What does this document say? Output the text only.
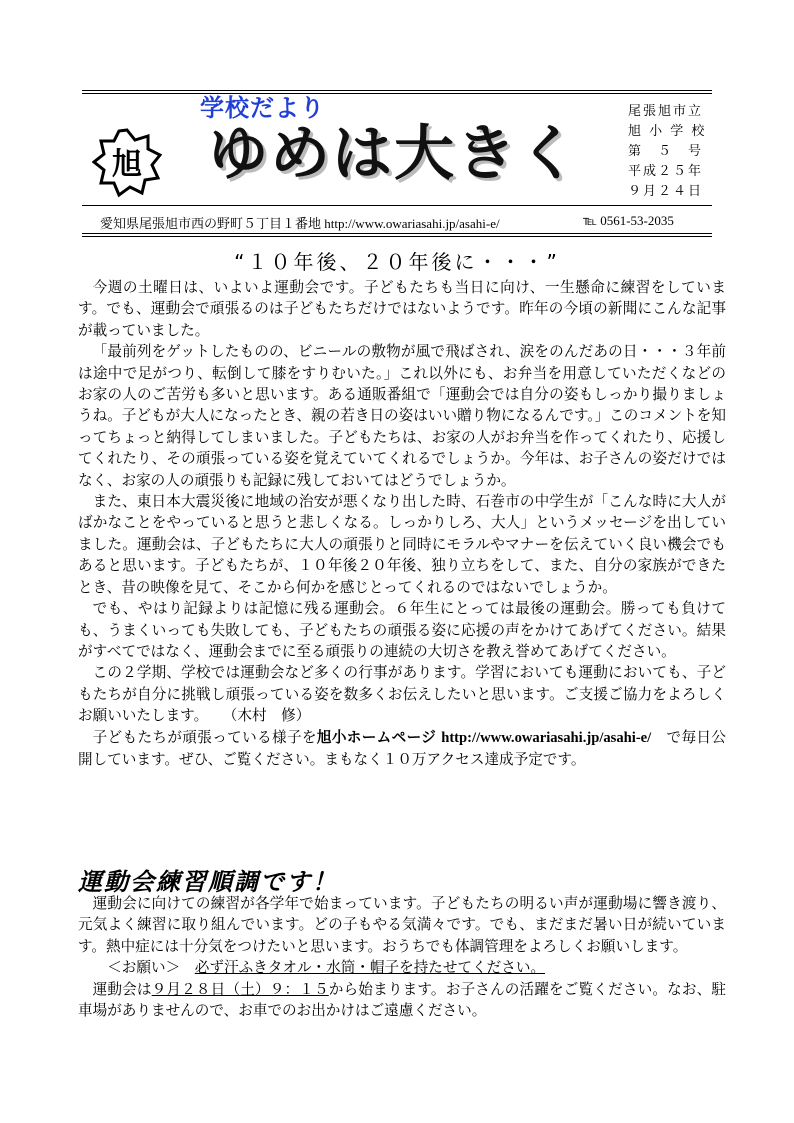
旭
学校だより
ゆめは大きく
尾張旭市立
旭 小 学 校
第　５　号
平成２５年
９月２４日
愛知県尾張旭市西の野町５丁目１番地 http://www.owariasahi.jp/asahi-e/	℡ 0561-53-2035
“１０年後、２０年後に・・・”

今週の土曜日は、いよいよ運動会です。子どもたちも当日に向け、一生懸命に練習をしています。でも、運動会で頑張るのは子どもたちだけではないようです。昨年の今頃の新聞にこんな記事が載っていました。

「最前列をゲットしたものの、ビニールの敷物が風で飛ばされ、涙をのんだあの日・・・３年前は途中で足がつり、転倒して膝をすりむいた。」これ以外にも、お弁当を用意していただくなどのお家の人のご苦労も多いと思います。ある通販番組で「運動会では自分の姿もしっかり撮りましょうね。子どもが大人になったとき、親の若き日の姿はいい贈り物になるんです。」このコメントを知ってちょっと納得してしまいました。子どもたちは、お家の人がお弁当を作ってくれたり、応援してくれたり、その頑張っている姿を覚えていてくれるでしょうか。今年は、お子さんの姿だけではなく、お家の人の頑張りも記録に残しておいてはどうでしょうか。

また、東日本大震災後に地域の治安が悪くなり出した時、石巻市の中学生が「こんな時に大人がばかなことをやっていると思うと悲しくなる。しっかりしろ、大人」というメッセージを出していました。運動会は、子どもたちに大人の頑張りと同時にモラルやマナーを伝えていく良い機会でもあると思います。子どもたちが、１０年後２０年後、独り立ちをして、また、自分の家族ができたとき、昔の映像を見て、そこから何かを感じとってくれるのではないでしょうか。

でも、やはり記録よりは記憶に残る運動会。６年生にとっては最後の運動会。勝っても負けても、うまくいっても失敗しても、子どもたちの頑張る姿に応援の声をかけてあげてください。結果がすべてではなく、運動会までに至る頑張りの連続の大切さを教え誉めてあげてください。

この２学期、学校では運動会など多くの行事があります。学習においても運動においても、子どもたちが自分に挑戦し頑張っている姿を数多くお伝えしたいと思います。ご支援ご協力をよろしくお願いいたします。　　（木村　修）

子どもたちが頑張っている様子を旭小ホームページ http://www.owariasahi.jp/asahi-e/　 で毎日公開しています。ぜひ、ご覧ください。まもなく１０万アクセス達成予定です。

運動会練習順調です！

運動会に向けての練習が各学年で始まっています。子どもたちの明るい声が運動場に響き渡り、元気よく練習に取り組んでいます。どの子もやる気満々です。でも、まだまだ暑い日が続いています。熱中症には十分気をつけたいと思います。おうちでも体調管理をよろしくお願いします。

＜お願い＞　 必ず汗ふきタオル・水筒・帽子を持たせてください。

運動会は９月２８日（土）９：１５から始まります。お子さんの活躍をご覧ください。なお、駐車場がありませんので、お車でのお出かけはご遠慮ください。
